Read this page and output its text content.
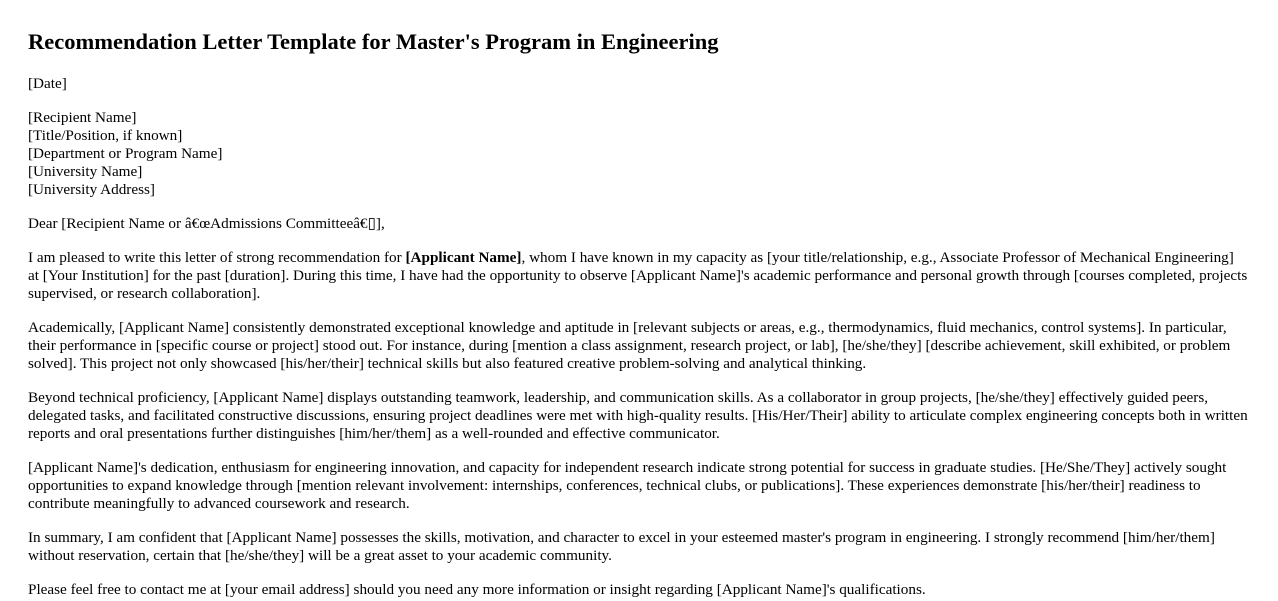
Recommendation Letter Template for Master's Program in Engineering
[Date]
[Recipient Name]
[Title/Position, if known]
[Department or Program Name]
[University Name]
[University Address]
Dear [Recipient Name or â€œAdmissions Committeeâ€▯],

I am pleased to write this letter of strong recommendation for [Applicant Name], whom I have known in my capacity as [your title/relationship, e.g., Associate Professor of Mechanical Engineering] at [Your Institution] for the past [duration]. During this time, I have had the opportunity to observe [Applicant Name]'s academic performance and personal growth through [courses completed, projects supervised, or research collaboration].

Academically, [Applicant Name] consistently demonstrated exceptional knowledge and aptitude in [relevant subjects or areas, e.g., thermodynamics, fluid mechanics, control systems]. In particular, their performance in [specific course or project] stood out. For instance, during [mention a class assignment, research project, or lab], [he/she/they] [describe achievement, skill exhibited, or problem solved]. This project not only showcased [his/her/their] technical skills but also featured creative problem-solving and analytical thinking.

Beyond technical proficiency, [Applicant Name] displays outstanding teamwork, leadership, and communication skills. As a collaborator in group projects, [he/she/they] effectively guided peers, delegated tasks, and facilitated constructive discussions, ensuring project deadlines were met with high-quality results. [His/Her/Their] ability to articulate complex engineering concepts both in written reports and oral presentations further distinguishes [him/her/them] as a well-rounded and effective communicator.

[Applicant Name]'s dedication, enthusiasm for engineering innovation, and capacity for independent research indicate strong potential for success in graduate studies. [He/She/They] actively sought opportunities to expand knowledge through [mention relevant involvement: internships, conferences, technical clubs, or publications]. These experiences demonstrate [his/her/their] readiness to contribute meaningfully to advanced coursework and research.

In summary, I am confident that [Applicant Name] possesses the skills, motivation, and character to excel in your esteemed master's program in engineering. I strongly recommend [him/her/them] without reservation, certain that [he/she/they] will be a great asset to your academic community.

Please feel free to contact me at [your email address] should you need any more information or insight regarding [Applicant Name]'s qualifications.
